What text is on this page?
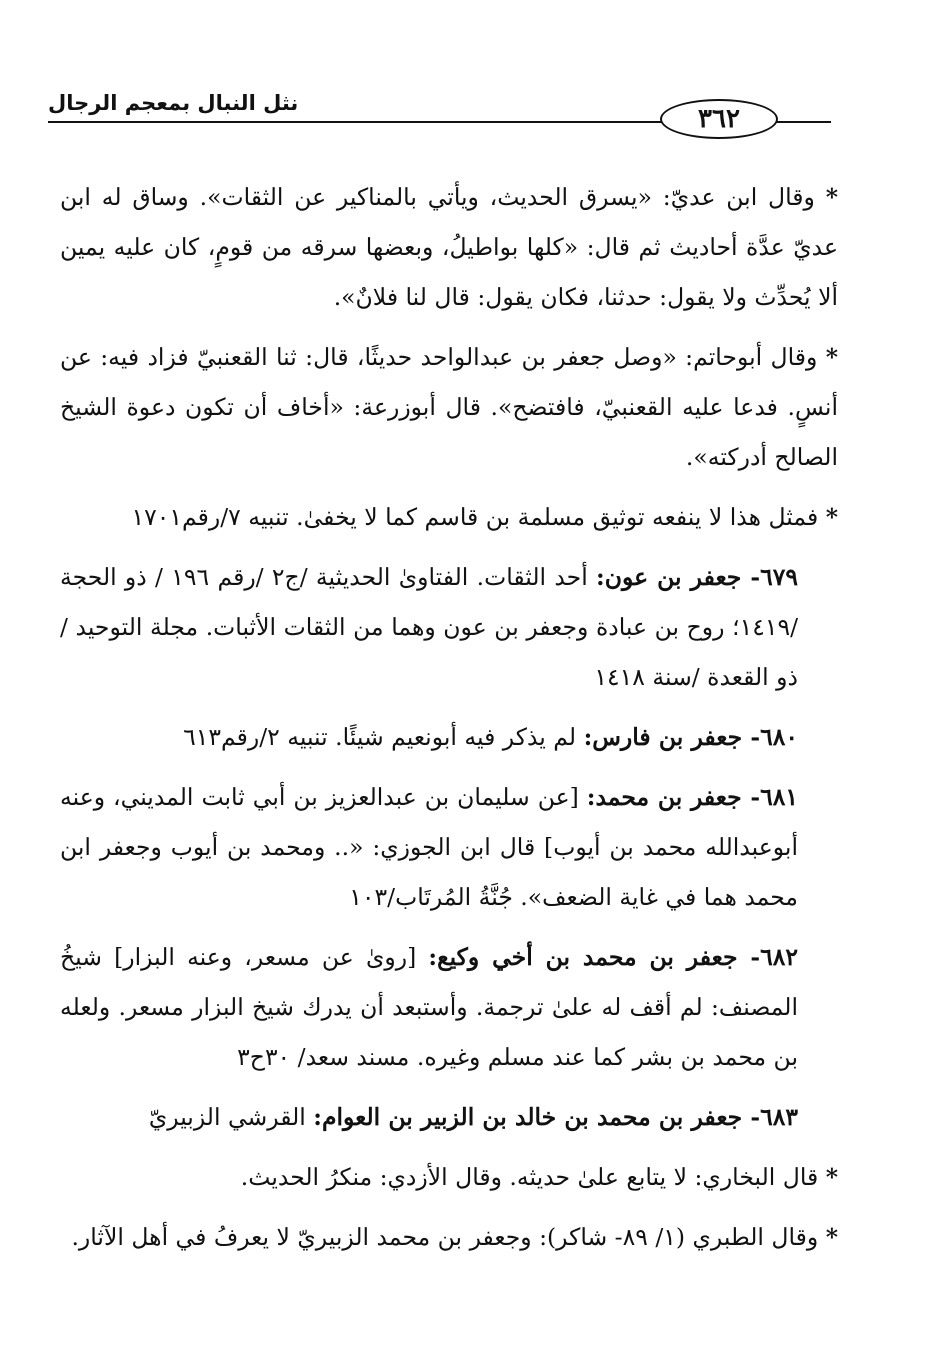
٣٦٢
نثل النبال بمعجم الرجال

* وقال ابن عديّ: «يسرق الحديث، ويأتي بالمناكير عن الثقات». وساق له ابن عديّ عدَّة أحاديث ثم قال: «كلها بواطيلُ، وبعضها سرقه من قومٍ، كان عليه يمين ألا يُحدِّث ولا يقول: حدثنا، فكان يقول: قال لنا فلانٌ».

* وقال أبوحاتم: «وصل جعفر بن عبدالواحد حديثًا، قال: ثنا القعنبيّ فزاد فيه: عن أنسٍ. فدعا عليه القعنبيّ، فافتضح». قال أبوزرعة: «أخاف أن تكون دعوة الشيخ الصالح أدركته».

* فمثل هذا لا ينفعه توثيق مسلمة بن قاسم كما لا يخفىٰ. تنبيه ٧/رقم١٧٠١

٦٧٩- جعفر بن عون: أحد الثقات. الفتاوىٰ الحديثية /ج٢ /رقم ١٩٦ / ذو الحجة /١٤١٩؛ روح بن عبادة وجعفر بن عون وهما من الثقات الأثبات. مجلة التوحيد /ذو القعدة /سنة ١٤١٨

٦٨٠- جعفر بن فارس: لم يذكر فيه أبونعيم شيئًا. تنبيه ٢/رقم٦١٣

٦٨١- جعفر بن محمد: [عن سليمان بن عبدالعزيز بن أبي ثابت المديني، وعنه أبوعبدالله محمد بن أيوب] قال ابن الجوزي: «.. ومحمد بن أيوب وجعفر ابن محمد هما في غاية الضعف». جُنَّةُ المُرتَاب/١٠٣

٦٨٢- جعفر بن محمد بن أخي وكيع: [روىٰ عن مسعر، وعنه البزار] شيخُ المصنف: لم أقف له علىٰ ترجمة. وأستبعد أن يدرك شيخ البزار مسعر. ولعله بن محمد بن بشر كما عند مسلم وغيره. مسند سعد/ ٣٠ح٣

٦٨٣- جعفر بن محمد بن خالد بن الزبير بن العوام: القرشي الزبيريّ

* قال البخاري: لا يتابع علىٰ حديثه. وقال الأزدي: منكرُ الحديث.

* وقال الطبري (١/ ٨٩- شاكر): وجعفر بن محمد الزبيريّ لا يعرفُ في أهل الآثار.
